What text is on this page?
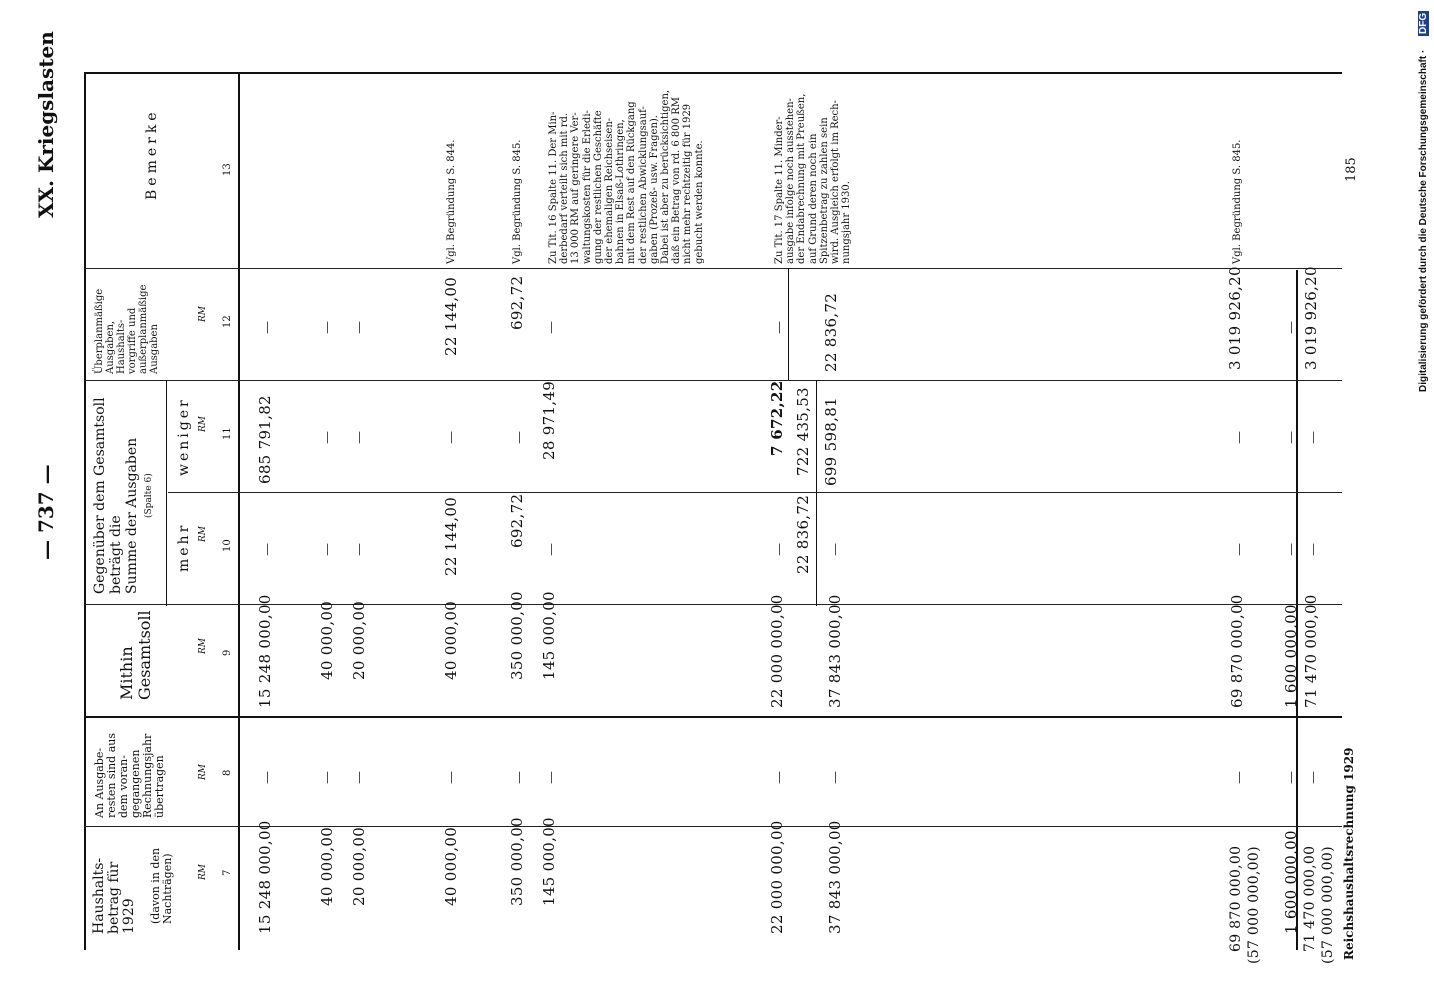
— 737 —
XX. Kriegslasten	185
Reichshaushaltsrechnung 1929
Digitalisierung gefördert durch die Deutsche Forschungsgemeinschaft ·
DFG
Haushalts-
betrag für
1929 (davon in den
Nachträgen)
An Ausgabe-
resten sind aus
dem voran-
gegangenen
Rechnungsjahr
übertragen
Mithin
Gesamtsoll
Gegenüber dem Gesamtsoll
beträgt die
Summe der Ausgaben (Spalte 6)
mehr
weniger
Überplanmäßige
Ausgaben,
Haushalts-
vorgriffe und
außerplanmäßige
Ausgaben
Bemerke
RM
RM
RM
RM
RM
RM
7
8
9
10
11
12
13
15 248 000,00
—
15 248 000,00
—
685 791,82
—
40 000,00
—
40 000,00
—
—
—
20 000,00
—
20 000,00
—
—
—
40 000,00
—
40 000,00
22 144,00
—
22 144,00
Vgl. Begründung S. 844.
350 000,00
—
350 000,00
692,72
—
692,72
Vgl. Begründung S. 845.
145 000,00
—
145 000,00
—
28 971,49
—
Zu Tit. 16 Spalte 11. Der Min-
derbedarf verteilt sich mit rd.
13 000 RM auf geringere Ver-
waltungskosten für die Erledi-
gung der restlichen Geschäfte
der ehemaligen Reichseisen-
bahnen in Elsaß-Lothringen,
mit dem Rest auf den Rückgang
der restlichen Abwicklungsauf-
gaben (Prozeß- usw. Fragen).
Dabei ist aber zu berücksichtigen,
daß ein Betrag von rd. 6 800 RM
nicht mehr rechtzeitig für 1929
gebucht werden konnte.
22 000 000,00
—
22 000 000,00
—
7 672,22
—
Zu Tit. 17 Spalte 11. Minder-
ausgabe infolge noch ausstehen-
der Endabrechnung mit Preußen,
auf Grund deren noch ein
Spitzenbetrag zu zahlen sein
wird. Ausgleich erfolgt im Rech-
nungsjahr 1930.
22 836,72
722 435,53
37 843 000,00
—
37 843 000,00
—
699 598,81
22 836,72
69 870 000,00 (57 000 000,00)
—
69 870 000,00
—
—
3 019 926,20
Vgl. Begründung S. 845.
1 600 000,00
—
1 600 000,00
—
—
—
71 470 000,00 (57 000 000,00)
—
71 470 000,00
—
—
3 019 926,20
